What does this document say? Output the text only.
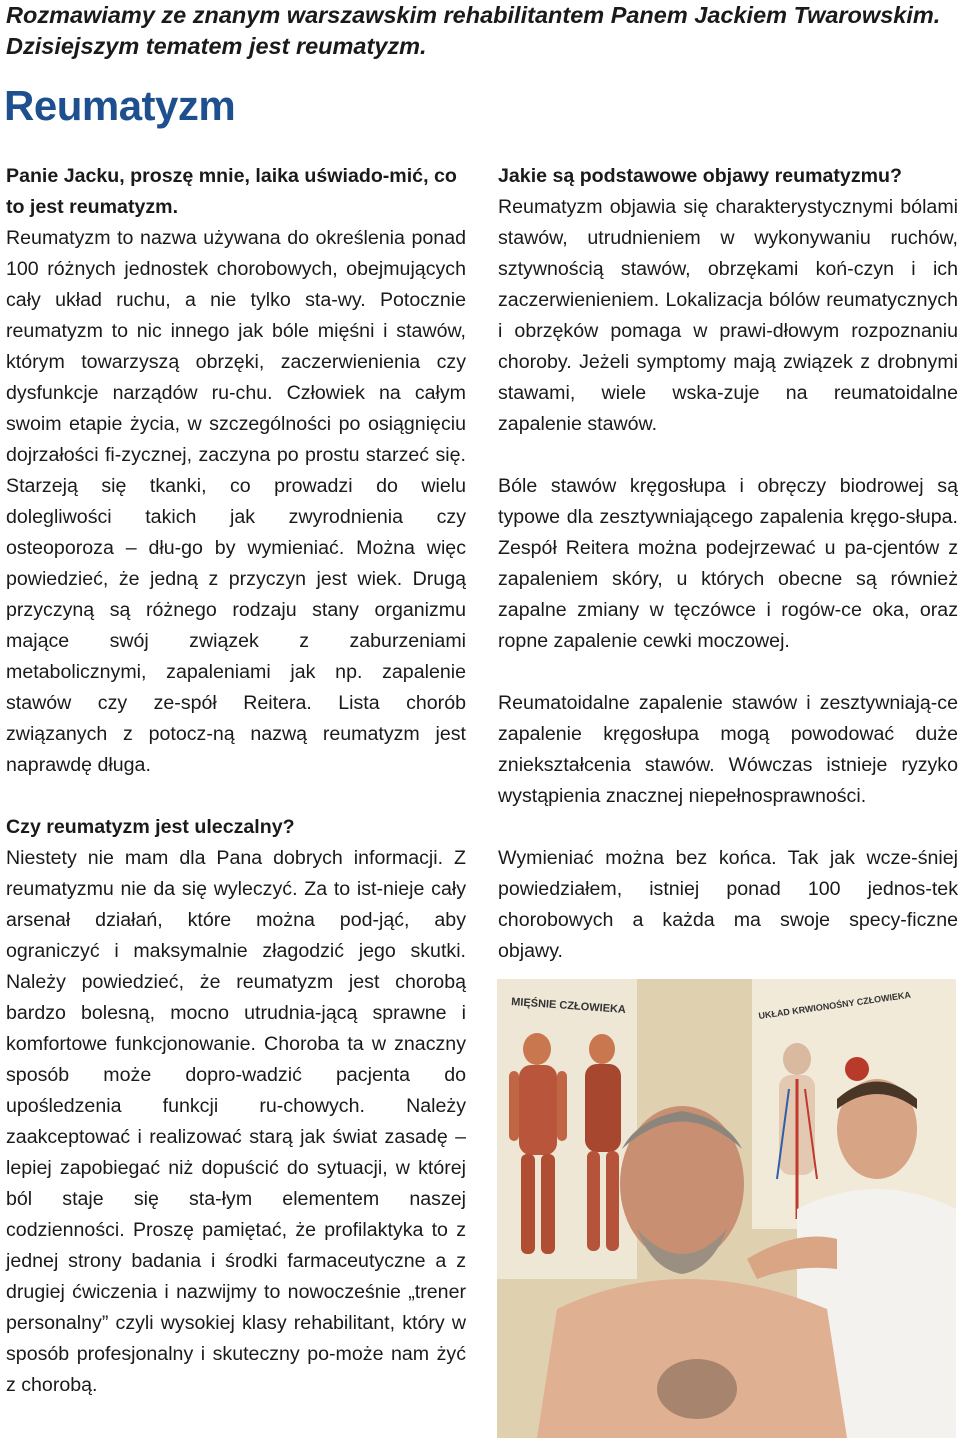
Rozmawiamy ze znanym warszawskim rehabilitantem Panem Jackiem Twarowskim.

Dzisiejszym tematem jest reumatyzm.

Reumatyzm

Panie Jacku, proszę mnie, laika uświado-mić, co to jest reumatyzm.

Reumatyzm to nazwa używana do określenia ponad 100 różnych jednostek chorobowych, obejmujących cały układ ruchu, a nie tylko sta-wy. Potocznie reumatyzm to nic innego jak bóle mięśni i stawów, którym towarzyszą obrzęki, zaczerwienienia czy dysfunkcje narządów ru-chu. Człowiek na całym swoim etapie życia, w szczególności po osiągnięciu dojrzałości fi-zycznej, zaczyna po prostu starzeć się. Starzeją się tkanki, co prowadzi do wielu dolegliwości takich jak zwyrodnienia czy osteoporoza – dłu-go by wymieniać. Można więc powiedzieć, że jedną z przyczyn jest wiek. Drugą przyczyną są różnego rodzaju stany organizmu mające swój związek z zaburzeniami metabolicznymi, zapaleniami jak np. zapalenie stawów czy ze-spół Reitera. Lista chorób związanych z potocz-ną nazwą reumatyzm jest naprawdę długa.

Czy reumatyzm jest uleczalny?

Niestety nie mam dla Pana dobrych informacji. Z reumatyzmu nie da się wyleczyć. Za to ist-nieje cały arsenał działań, które można pod-jąć, aby ograniczyć i maksymalnie złagodzić jego skutki. Należy powiedzieć, że reumatyzm jest chorobą bardzo bolesną, mocno utrudnia-jącą sprawne i komfortowe funkcjonowanie. Choroba ta w znaczny sposób może dopro-wadzić pacjenta do upośledzenia funkcji ru-chowych. Należy zaakceptować i realizować starą jak świat zasadę – lepiej zapobiegać niż dopuścić do sytuacji, w której ból staje się sta-łym elementem naszej codzienności. Proszę pamiętać, że profilaktyka to z jednej strony badania i środki farmaceutyczne a z drugiej ćwiczenia i nazwijmy to nowocześnie „trener personalny” czyli wysokiej klasy rehabilitant, który w sposób profesjonalny i skuteczny po-może nam żyć z chorobą.

Jakie są podstawowe objawy reumatyzmu?

Reumatyzm objawia się charakterystycznymi bólami stawów, utrudnieniem w wykonywaniu ruchów, sztywnością stawów, obrzękami koń-czyn i ich zaczerwienieniem. Lokalizacja bólów reumatycznych i obrzęków pomaga w prawi-dłowym rozpoznaniu choroby. Jeżeli symptomy mają związek z drobnymi stawami, wiele wska-zuje na reumatoidalne zapalenie stawów.

Bóle stawów kręgosłupa i obręczy biodrowej są typowe dla zesztywniającego zapalenia kręgo-słupa. Zespół Reitera można podejrzewać u pa-cjentów z zapaleniem skóry, u których obecne są również zapalne zmiany w tęczówce i rogów-ce oka, oraz ropne zapalenie cewki moczowej.

Reumatoidalne zapalenie stawów i zesztywniają-ce zapalenie kręgosłupa mogą powodować duże zniekształcenia stawów. Wówczas istnieje ryzyko wystąpienia znacznej niepełnosprawności.

Wymieniać można bez końca. Tak jak wcze-śniej powiedziałem, istniej ponad 100 jednos-tek chorobowych a każda ma swoje specy-ficzne objawy.

MIĘŚNIE CZŁOWIEKA	UKŁAD KRWIONOŚNY CZŁOWIEKA
